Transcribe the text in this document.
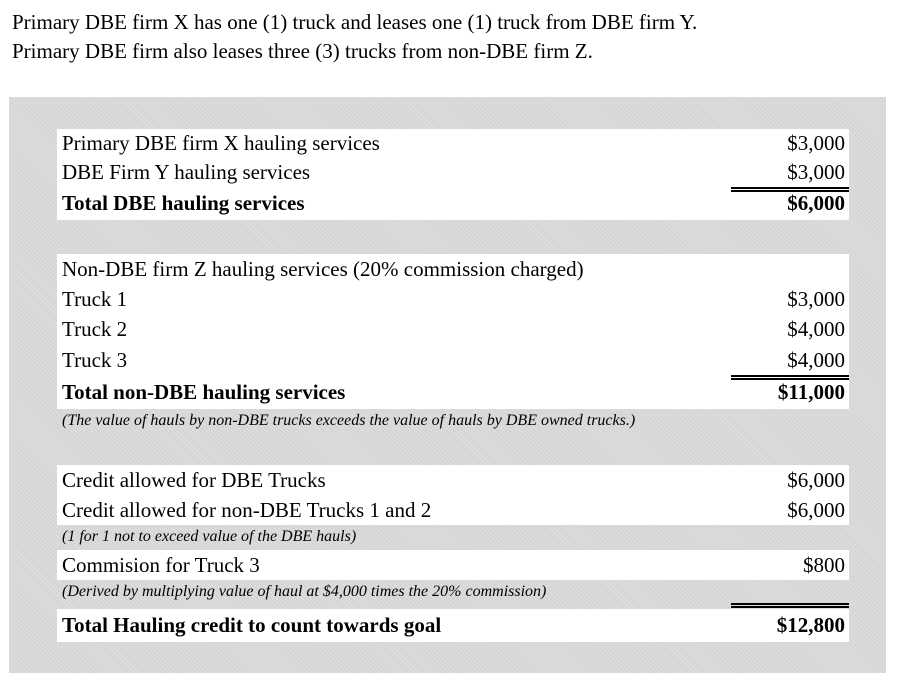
Primary DBE firm X has one (1) truck and leases one (1) truck from DBE firm Y.
Primary DBE firm also leases three (3) trucks from non-DBE firm Z.
Primary DBE firm X hauling services	$3,000
DBE Firm Y hauling services	$3,000
Total DBE hauling services	$6,000
Non-DBE firm Z hauling services (20% commission charged)
Truck 1	$3,000
Truck 2	$4,000
Truck 3	$4,000
Total non-DBE hauling services	$11,000
(The value of hauls by non-DBE trucks exceeds the value of hauls by DBE owned trucks.)
Credit allowed for DBE Trucks	$6,000
Credit allowed for non-DBE Trucks 1 and 2	$6,000
(1 for 1 not to exceed value of the DBE hauls)
Commision for Truck 3	$800
(Derived by multiplying value of haul at $4,000 times the 20% commission)
Total Hauling credit to count towards goal	$12,800
